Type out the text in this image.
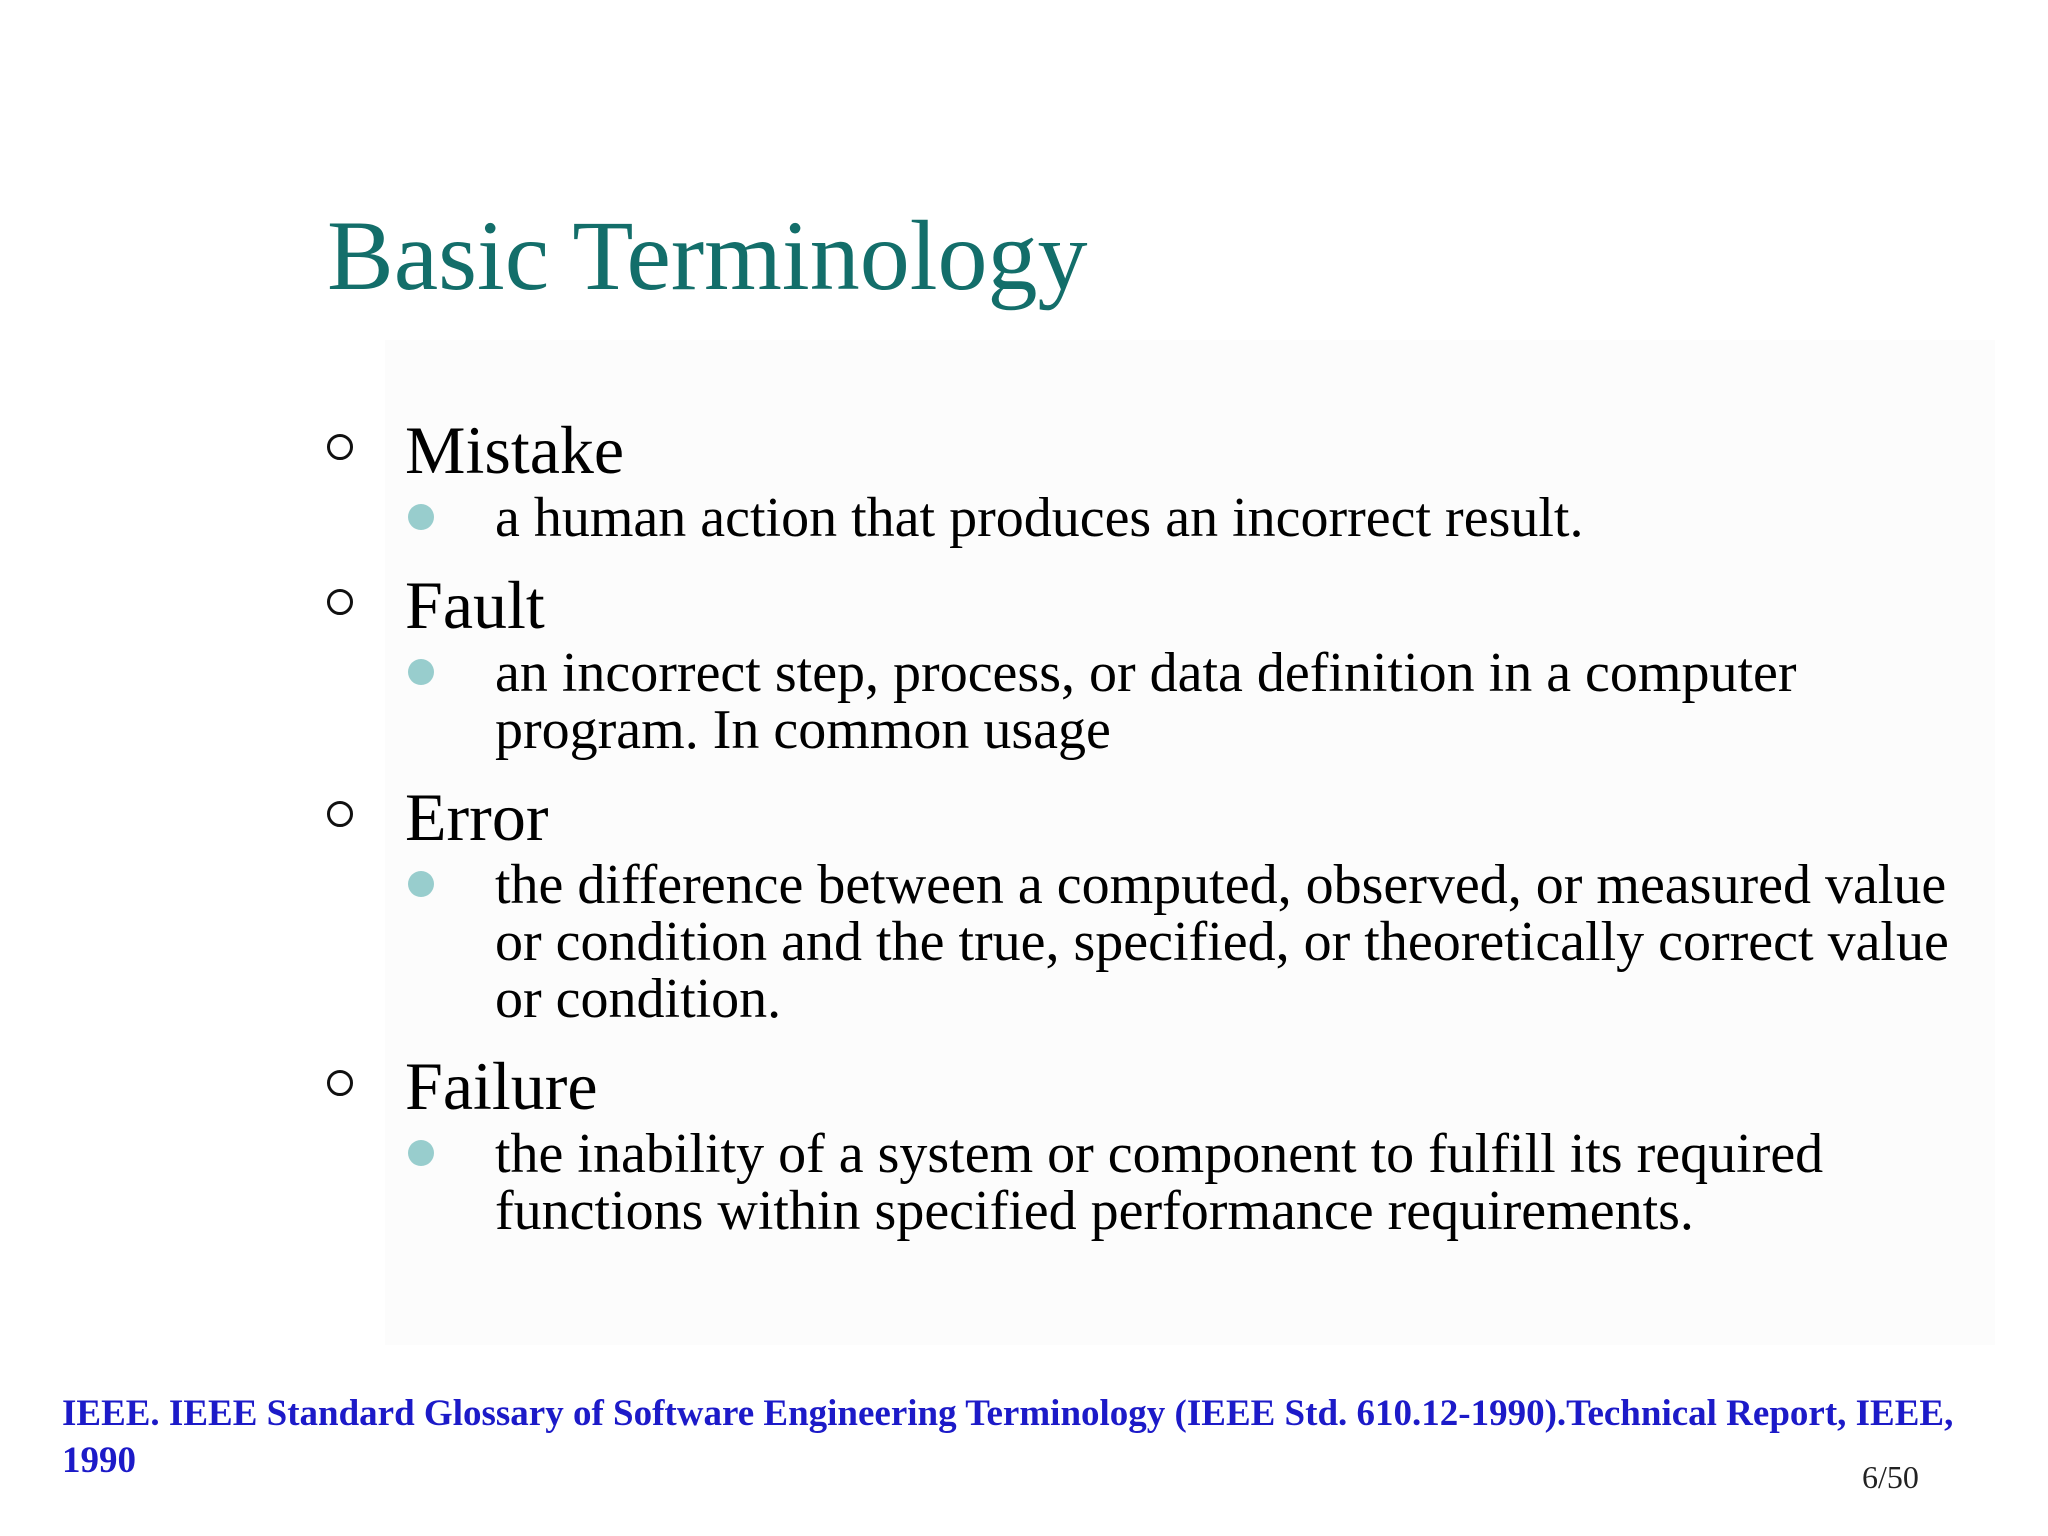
Basic Terminology
Mistake
a human action that produces an incorrect result.
Fault
an incorrect step, process, or data definition in a computer program. In common usage
Error
the difference between a computed, observed, or measured value or condition and the true, specified, or theoretically correct value or condition.
Failure
the inability of a system or component to fulfill its required functions within specified performance requirements.

IEEE. IEEE Standard Glossary of Software Engineering Terminology (IEEE Std. 610.12-1990).Technical Report, IEEE, 1990	6/50
